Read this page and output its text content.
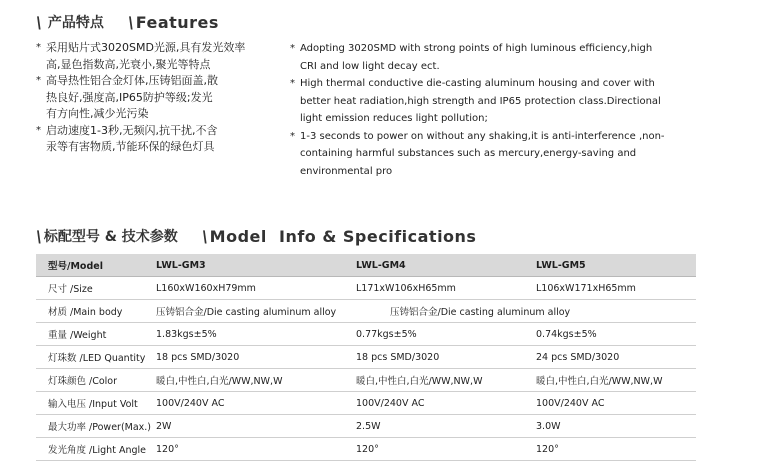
\ 产品特点 \ Features
* 采用贴片式3020SMD光源,具有发光效率
高,显色指数高,光衰小,聚光等特点
* 高导热性铝合金灯体,压铸铝面盖,散
热良好,强度高,IP65防护等级;发光
有方向性,减少光污染
* 启动速度1-3秒,无频闪,抗干扰,不含
汞等有害物质,节能环保的绿色灯具
* Adopting 3020SMD with strong points of high luminous efficiency,high
CRI and low light decay ect.
* High thermal conductive die-casting aluminum housing and cover with
better heat radiation,high strength and IP65 protection class.Directional
light emission reduces light pollution;
* 1-3 seconds to power on without any shaking,it is anti-interference ,non-
containing harmful substances such as mercury,energy-saving and
environmental pro
\ 标配型号 & 技术参数 \ Model  Info & Specifications
型号/Model	LWL-GM3	LWL-GM4	LWL-GM5
尺寸 /Size	L160xW160xH79mm	L171xW106xH65mm	L106xW171xH65mm
材质 /Main body	压铸铝合金/Die casting aluminum alloy	压铸铝合金/Die casting aluminum alloy	
重量 /Weight	1.83kgs±5%	0.77kgs±5%	0.74kgs±5%
灯珠数 /LED Quantity	18 pcs SMD/3020	18 pcs SMD/3020	24 pcs SMD/3020
灯珠颜色 /Color	暖白,中性白,白光/WW,NW,W	暖白,中性白,白光/WW,NW,W	暖白,中性白,白光/WW,NW,W
输入电压 /Input Volt	100V/240V AC	100V/240V AC	100V/240V AC
最大功率 /Power(Max.)	2W	2.5W	3.0W
发光角度 /Light Angle	120°	120°	120°
